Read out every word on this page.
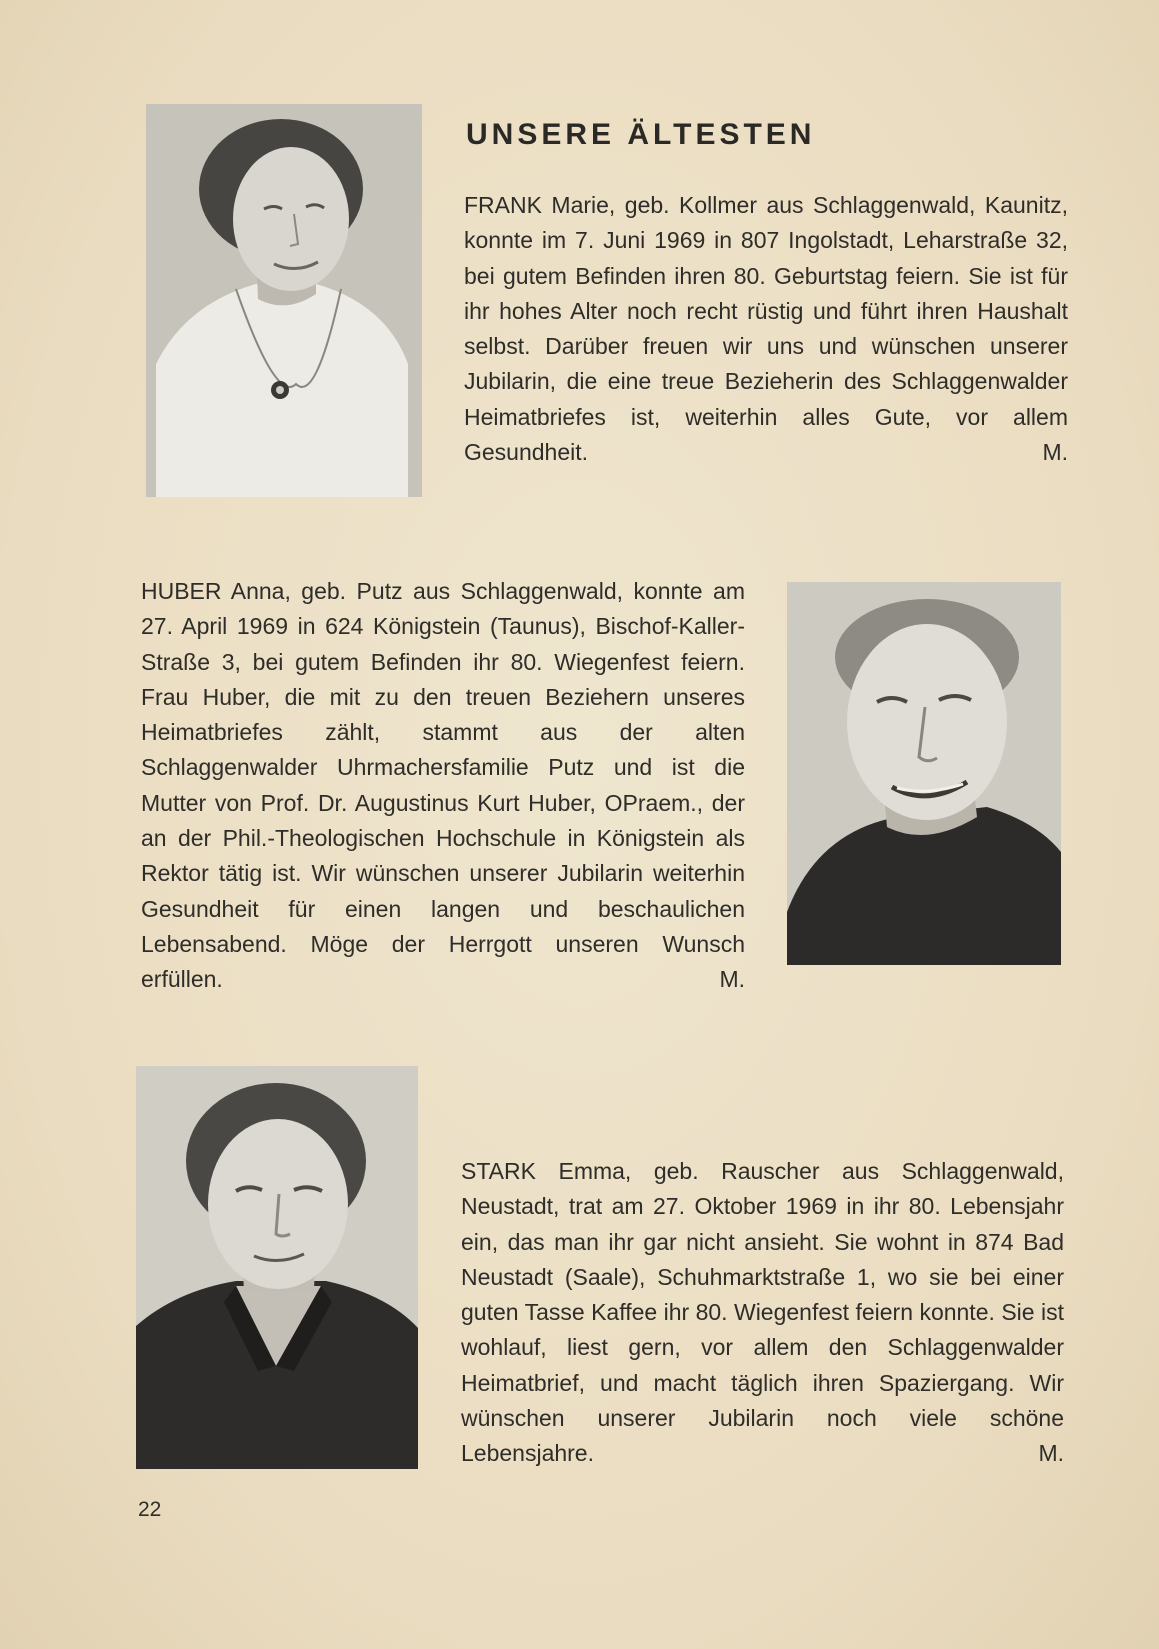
UNSERE ÄLTESTEN

FRANK Marie, geb. Kollmer aus Schlaggenwald, Kaunitz, konnte im 7. Juni 1969 in 807 Ingolstadt, Leharstraße 32, bei gutem Befinden ihren 80. Geburtstag feiern. Sie ist für ihr hohes Alter noch recht rüstig und führt ihren Haushalt selbst. Darüber freuen wir uns und wünschen unserer Jubilarin, die eine treue Bezieherin des Schlaggenwalder Heimatbriefes ist, weiterhin alles Gute, vor allem Gesundheit.	M.

HUBER Anna, geb. Putz aus Schlaggenwald, konnte am 27. April 1969 in 624 Königstein (Taunus), Bischof-Kaller-Straße 3, bei gutem Befinden ihr 80. Wiegenfest feiern. Frau Huber, die mit zu den treuen Beziehern unseres Heimatbriefes zählt, stammt aus der alten Schlaggenwalder Uhrmachersfamilie Putz und ist die Mutter von Prof. Dr. Augustinus Kurt Huber, OPraem., der an der Phil.-Theologischen Hochschule in Königstein als Rektor tätig ist. Wir wünschen unserer Jubilarin weiterhin Gesundheit für einen langen und beschaulichen Lebensabend. Möge der Herrgott unseren Wunsch erfüllen.	M.

STARK Emma, geb. Rauscher aus Schlaggenwald, Neustadt, trat am 27. Oktober 1969 in ihr 80. Lebensjahr ein, das man ihr gar nicht ansieht. Sie wohnt in 874 Bad Neustadt (Saale), Schuhmarktstraße 1, wo sie bei einer guten Tasse Kaffee ihr 80. Wiegenfest feiern konnte. Sie ist wohlauf, liest gern, vor allem den Schlaggenwalder Heimatbrief, und macht täglich ihren Spaziergang. Wir wünschen unserer Jubilarin noch viele schöne Lebensjahre.	M.

22
